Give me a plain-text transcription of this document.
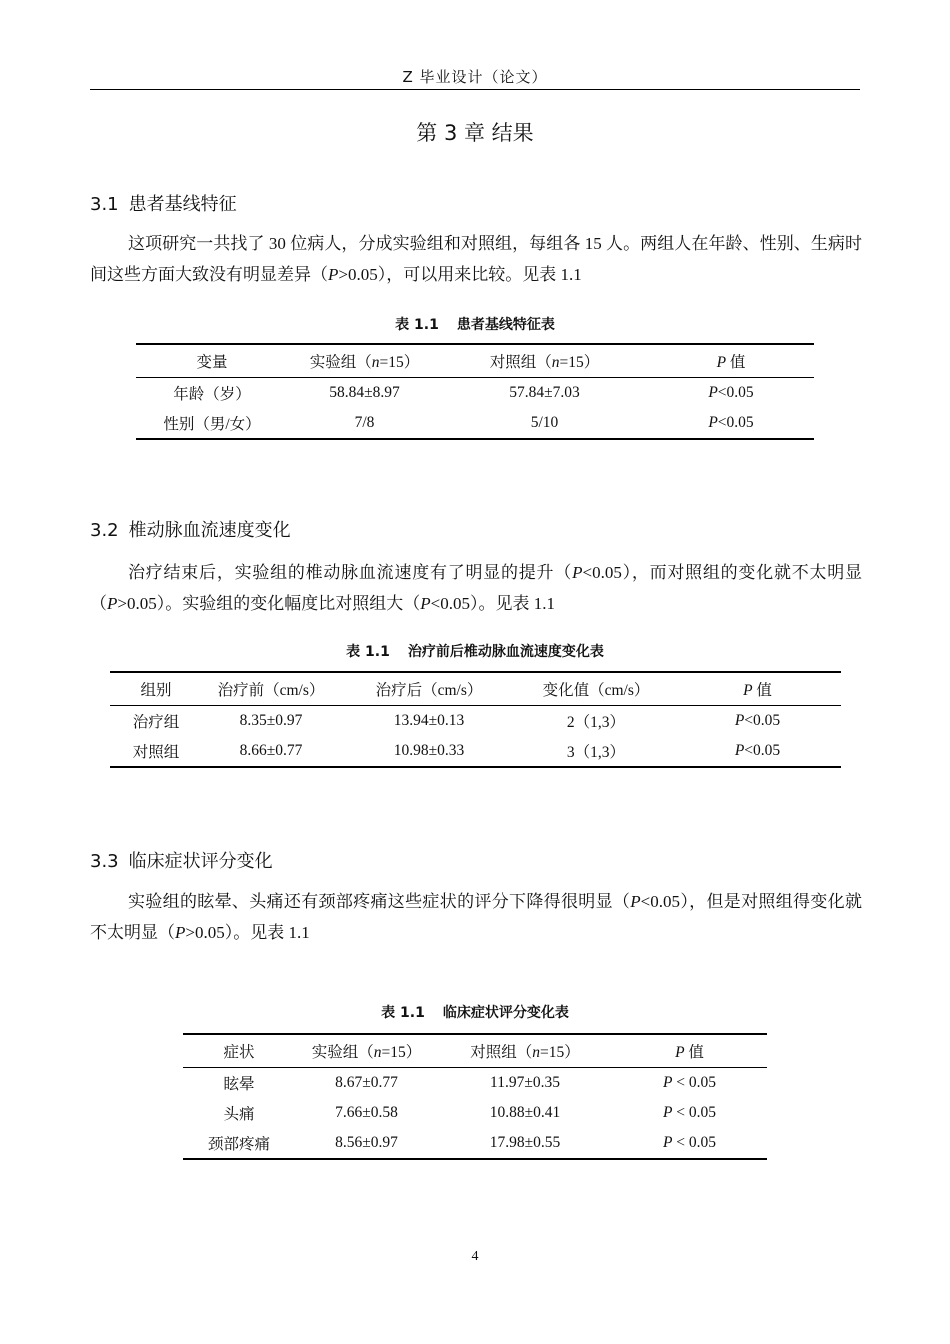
Z 毕业设计（论文）
第 3 章 结果
3.1 患者基线特征

这项研究一共找了 30 位病人，分成实验组和对照组，每组各 15 人。两组人在年龄、性别、生病时间这些方面大致没有明显差异（P>0.05），可以用来比较。见表 1.1

表 1.1 患者基线特征表
变量	实验组（n=15）	对照组（n=15）	P 值
年龄（岁）	58.84±8.97	57.84±7.03	P<0.05
性别（男/女）	7/8	5/10	P<0.05
3.2 椎动脉血流速度变化

治疗结束后，实验组的椎动脉血流速度有了明显的提升（P<0.05），而对照组的变化就不太明显（P>0.05）。实验组的变化幅度比对照组大（P<0.05）。见表 1.1

表 1.1 治疗前后椎动脉血流速度变化表
组别	治疗前（cm/s）	治疗后（cm/s）	变化值（cm/s）	P 值
治疗组	8.35±0.97	13.94±0.13	2（1,3）	P<0.05
对照组	8.66±0.77	10.98±0.33	3（1,3）	P<0.05
3.3 临床症状评分变化

实验组的眩晕、头痛还有颈部疼痛这些症状的评分下降得很明显（P<0.05），但是对照组得变化就不太明显（P>0.05）。见表 1.1

表 1.1 临床症状评分变化表
症状	实验组（n=15）	对照组（n=15）	P 值
眩晕	8.67±0.77	11.97±0.35	P < 0.05
头痛	7.66±0.58	10.88±0.41	P < 0.05
颈部疼痛	8.56±0.97	17.98±0.55	P < 0.05
4
